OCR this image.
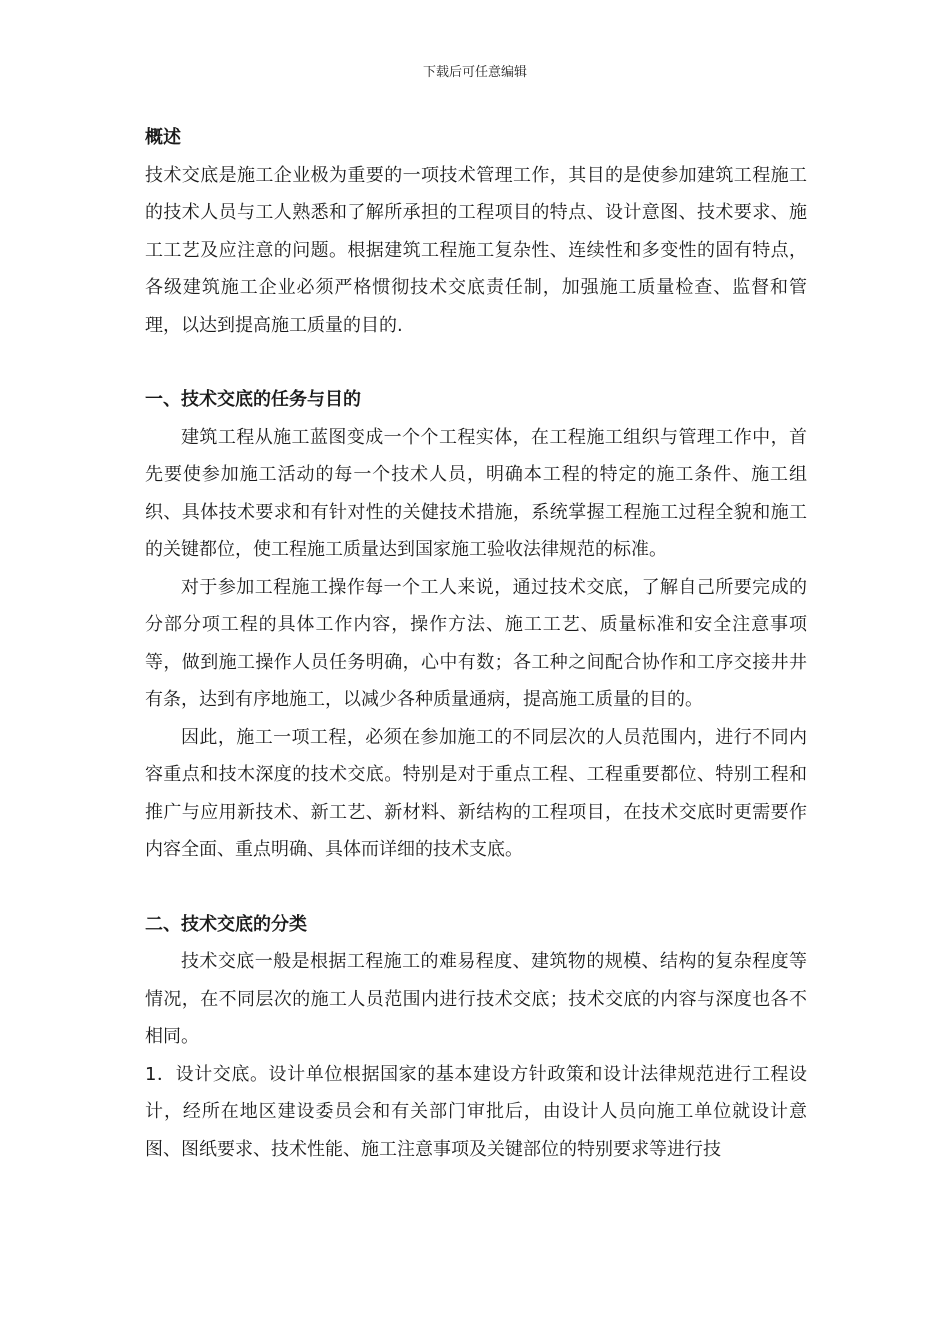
下载后可任意编辑

概述

技术交底是施工企业极为重要的一项技术管理工作，其目的是使参加建筑工程施工的技术人员与工人熟悉和了解所承担的工程项目的特点、设计意图、技术要求、施工工艺及应注意的问题。根据建筑工程施工复杂性、连续性和多变性的固有特点，各级建筑施工企业必须严格惯彻技术交底责任制，加强施工质量检查、监督和管理，以达到提高施工质量的目的.

一、技术交底的任务与目的

建筑工程从施工蓝图变成一个个工程实体，在工程施工组织与管理工作中，首先要使参加施工活动的每一个技术人员，明确本工程的特定的施工条件、施工组织、具体技术要求和有针对性的关健技术措施，系统掌握工程施工过程全貌和施工的关键都位，使工程施工质量达到国家施工验收法律规范的标准。

对于参加工程施工操作每一个工人来说，通过技术交底，了解自己所要完成的分部分项工程的具体工作内容，操作方法、施工工艺、质量标准和安全注意事项等，做到施工操作人员任务明确，心中有数；各工种之间配合协作和工序交接井井有条，达到有序地施工，以减少各种质量通病，提高施工质量的目的。

因此，施工一项工程，必须在参加施工的不同层次的人员范围内，进行不同内容重点和技木深度的技术交底。特别是对于重点工程、工程重要都位、特别工程和推广与应用新技术、新工艺、新材料、新结构的工程项目，在技术交底时更需要作内容全面、重点明确、具体而详细的技术支底。

二、技术交底的分类

技术交底一般是根据工程施工的难易程度、建筑物的规模、结构的复杂程度等情况，在不同层次的施工人员范围内进行技术交底；技术交底的内容与深度也各不相同。

1．设计交底。设计单位根据国家的基本建设方针政策和设计法律规范进行工程设计，经所在地区建设委员会和有关部门审批后，由设计人员向施工单位就设计意图、图纸要求、技术性能、施工注意事项及关键部位的特别要求等进行技
